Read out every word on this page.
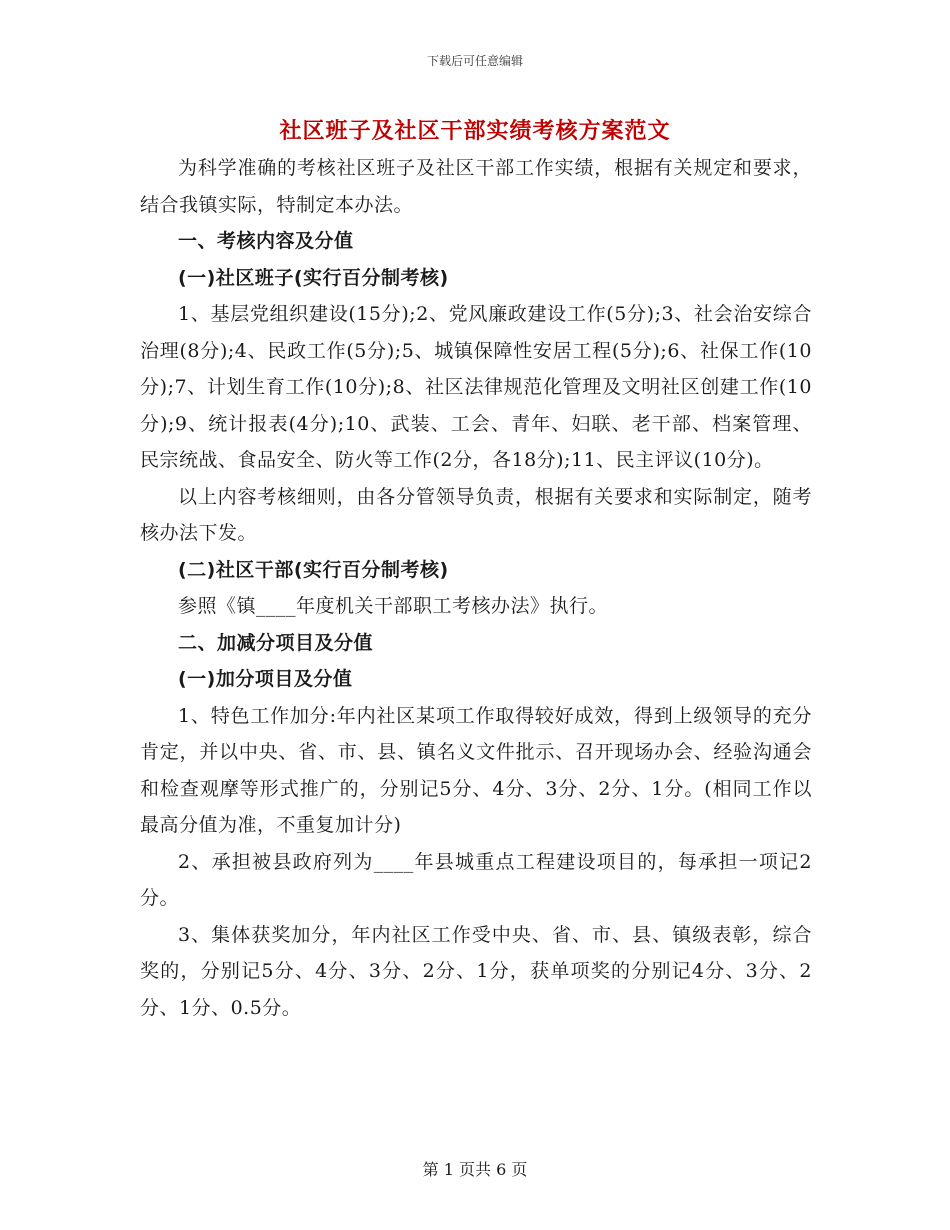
下载后可任意编辑
社区班子及社区干部实绩考核方案范文

为科学准确的考核社区班子及社区干部工作实绩，根据有关规定和要求，结合我镇实际，特制定本办法。

一、考核内容及分值

(一)社区班子(实行百分制考核)

1、基层党组织建设(15分);2、党风廉政建设工作(5分);3、社会治安综合治理(8分);4、民政工作(5分);5、城镇保障性安居工程(5分);6、社保工作(10分);7、计划生育工作(10分);8、社区法律规范化管理及文明社区创建工作(10分);9、统计报表(4分);10、武装、工会、青年、妇联、老干部、档案管理、民宗统战、食品安全、防火等工作(2分，各18分);11、民主评议(10分)。

以上内容考核细则，由各分管领导负责，根据有关要求和实际制定，随考核办法下发。

(二)社区干部(实行百分制考核)

参照《镇____年度机关干部职工考核办法》执行。

二、加减分项目及分值

(一)加分项目及分值

1、特色工作加分:年内社区某项工作取得较好成效，得到上级领导的充分肯定，并以中央、省、市、县、镇名义文件批示、召开现场办会、经验沟通会和检查观摩等形式推广的，分别记5分、4分、3分、2分、1分。(相同工作以最高分值为准，不重复加计分)

2、承担被县政府列为____年县城重点工程建设项目的，每承担一项记2分。

3、集体获奖加分，年内社区工作受中央、省、市、县、镇级表彰，综合奖的，分别记5分、4分、3分、2分、1分，获单项奖的分别记4分、3分、2分、1分、0.5分。

第 1 页共 6 页
